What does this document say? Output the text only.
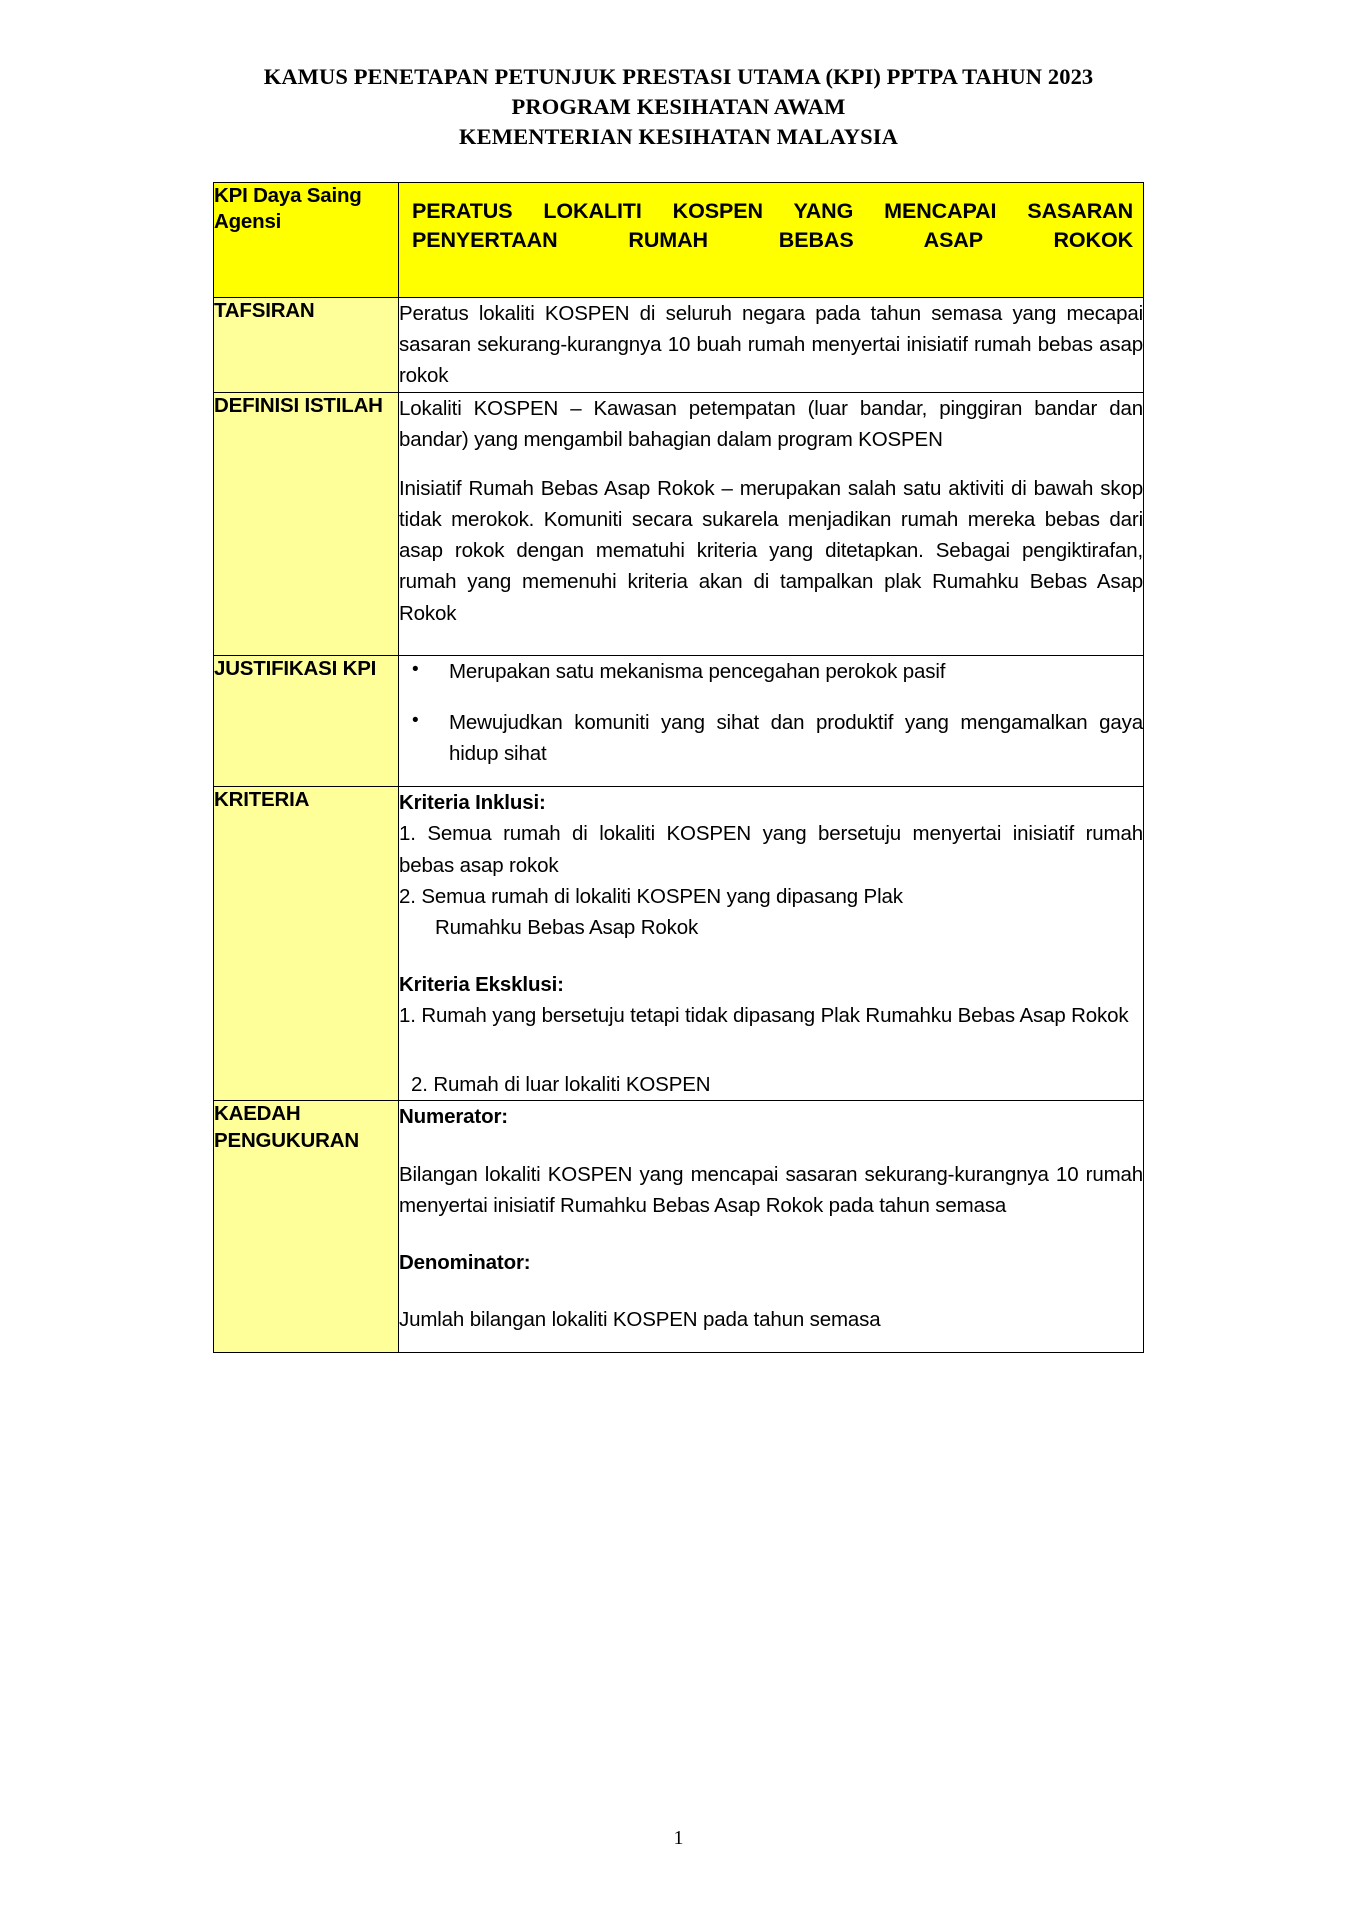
KAMUS PENETAPAN PETUNJUK PRESTASI UTAMA (KPI) PPTPA TAHUN 2023
PROGRAM KESIHATAN AWAM
KEMENTERIAN KESIHATAN MALAYSIA
KPI Daya Saing Agensi	PERATUS LOKALITI KOSPEN YANG MENCAPAI SASARAN PENYERTAAN RUMAH BEBAS ASAP ROKOK

TAFSIRAN	Peratus lokaliti KOSPEN di seluruh negara pada tahun semasa yang mecapai sasaran sekurang-kurangnya 10 buah rumah menyertai inisiatif rumah bebas asap rokok

DEFINISI ISTILAH	Lokaliti KOSPEN – Kawasan petempatan (luar bandar, pinggiran bandar dan bandar) yang mengambil bahagian dalam program KOSPEN

Inisiatif Rumah Bebas Asap Rokok – merupakan salah satu aktiviti di bawah skop tidak merokok. Komuniti secara sukarela menjadikan rumah mereka bebas dari asap rokok dengan mematuhi kriteria yang ditetapkan. Sebagai pengiktirafan, rumah yang memenuhi kriteria akan di tampalkan plak Rumahku Bebas Asap Rokok

JUSTIFIKASI KPI	• Merupakan satu mekanisma pencegahan perokok pasif
• Mewujudkan komuniti yang sihat dan produktif yang mengamalkan gaya hidup sihat

KRITERIA	Kriteria Inklusi:

1. Semua rumah di lokaliti KOSPEN yang bersetuju menyertai inisiatif rumah bebas asap rokok

2. Semua rumah di lokaliti KOSPEN yang dipasang Plak

Rumahku Bebas Asap Rokok

Kriteria Eksklusi:

1. Rumah yang bersetuju tetapi tidak dipasang Plak Rumahku Bebas Asap Rokok

2. Rumah di luar lokaliti KOSPEN

KAEDAH PENGUKURAN	Numerator:

Bilangan lokaliti KOSPEN yang mencapai sasaran sekurang-kurangnya 10 rumah menyertai inisiatif Rumahku Bebas Asap Rokok pada tahun semasa

Denominator:

Jumlah bilangan lokaliti KOSPEN pada tahun semasa

1
